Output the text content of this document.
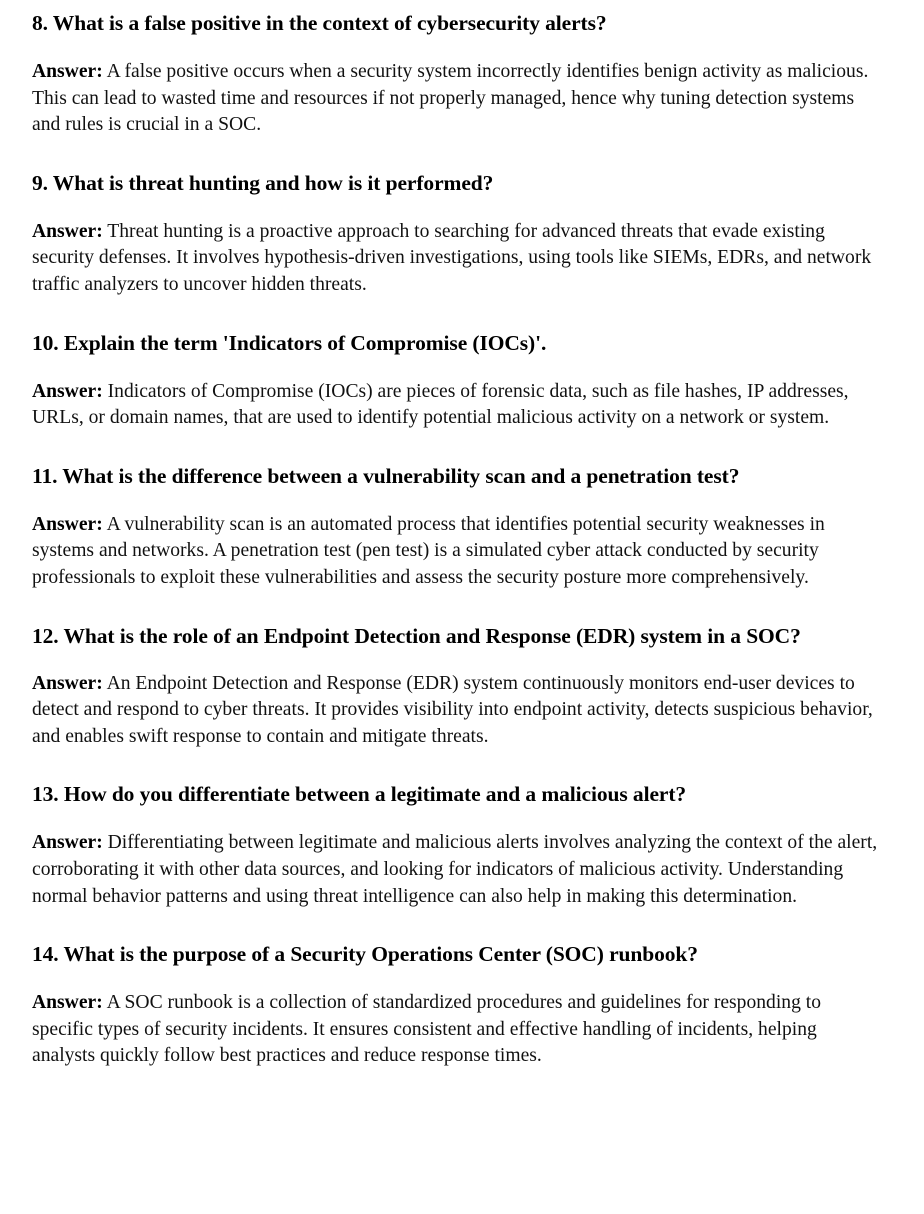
8. What is a false positive in the context of cybersecurity alerts?

Answer: A false positive occurs when a security system incorrectly identifies benign activity as malicious. This can lead to wasted time and resources if not properly managed, hence why tuning detection systems and rules is crucial in a SOC.

9. What is threat hunting and how is it performed?

Answer: Threat hunting is a proactive approach to searching for advanced threats that evade existing security defenses. It involves hypothesis-driven investigations, using tools like SIEMs, EDRs, and network traffic analyzers to uncover hidden threats.

10. Explain the term 'Indicators of Compromise (IOCs)'.

Answer: Indicators of Compromise (IOCs) are pieces of forensic data, such as file hashes, IP addresses, URLs, or domain names, that are used to identify potential malicious activity on a network or system.

11. What is the difference between a vulnerability scan and a penetration test?

Answer: A vulnerability scan is an automated process that identifies potential security weaknesses in systems and networks. A penetration test (pen test) is a simulated cyber attack conducted by security professionals to exploit these vulnerabilities and assess the security posture more comprehensively.

12. What is the role of an Endpoint Detection and Response (EDR) system in a SOC?

Answer: An Endpoint Detection and Response (EDR) system continuously monitors end-user devices to detect and respond to cyber threats. It provides visibility into endpoint activity, detects suspicious behavior, and enables swift response to contain and mitigate threats.

13. How do you differentiate between a legitimate and a malicious alert?

Answer: Differentiating between legitimate and malicious alerts involves analyzing the context of the alert, corroborating it with other data sources, and looking for indicators of malicious activity. Understanding normal behavior patterns and using threat intelligence can also help in making this determination.

14. What is the purpose of a Security Operations Center (SOC) runbook?

Answer: A SOC runbook is a collection of standardized procedures and guidelines for responding to specific types of security incidents. It ensures consistent and effective handling of incidents, helping analysts quickly follow best practices and reduce response times.
